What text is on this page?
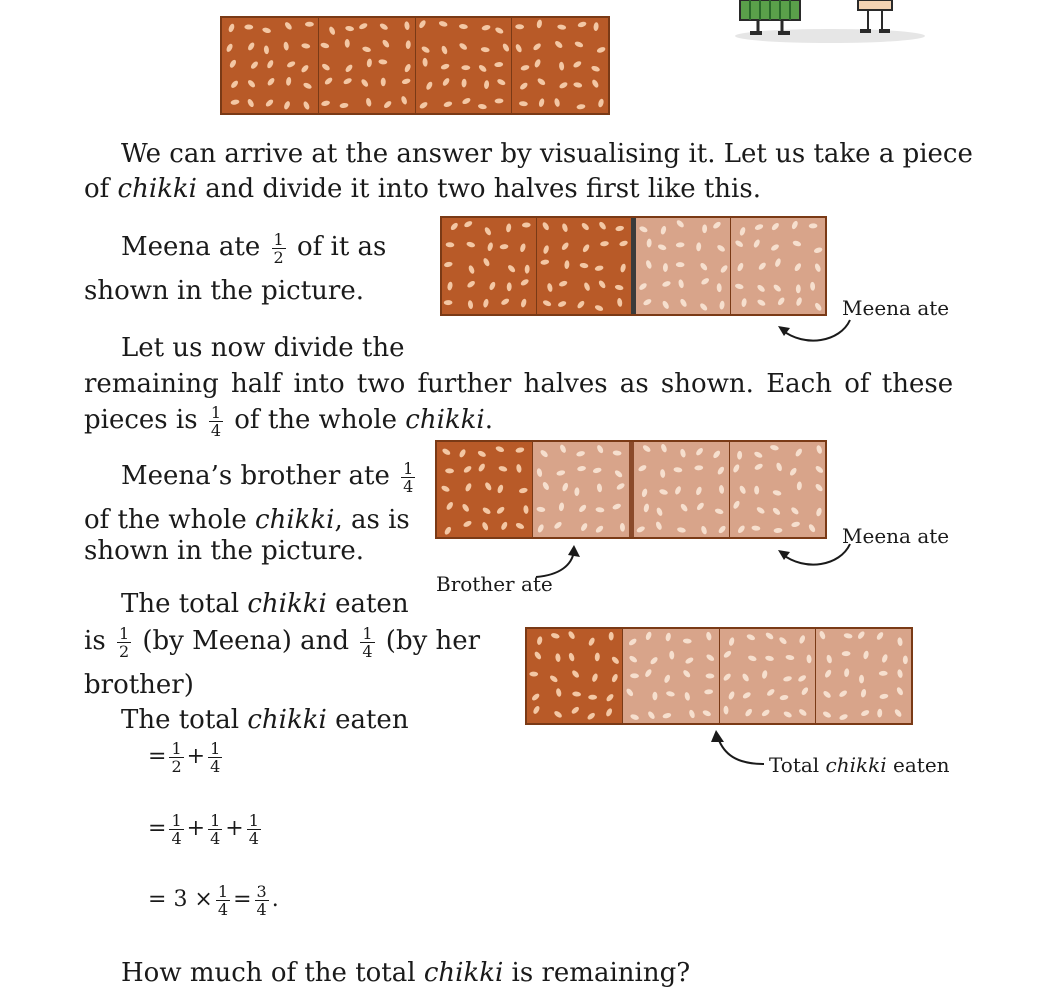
We can arrive at the answer by visualising it. Let us take a piece
of chikki and divide it into two halves first like this.
Meena ate $\frac{1}{2}$ of it as
shown in the picture.
Meena ate
Let us now divide the
remaining half into two further halves as shown. Each of these
pieces is $\frac{1}{4}$ of the whole chikki.
Meena’s brother ate $\frac{1}{4}$
of the whole chikki, as is
shown in the picture.
Brother ate
Meena ate
The total chikki eaten
is $\frac{1}{2} (by$ Meena) and $\frac{1}{4} (by$ her
brother)
The total chikki eaten
Total chikki eaten
= $\frac{1}{2} + \frac{1}{4}$
= $\frac{1}{4} + \frac{1}{4} + \frac{1}{4}$
= $3 \times \frac{1}{4} = \frac{3}{4}$ .
How much of the total chikki is remaining?
